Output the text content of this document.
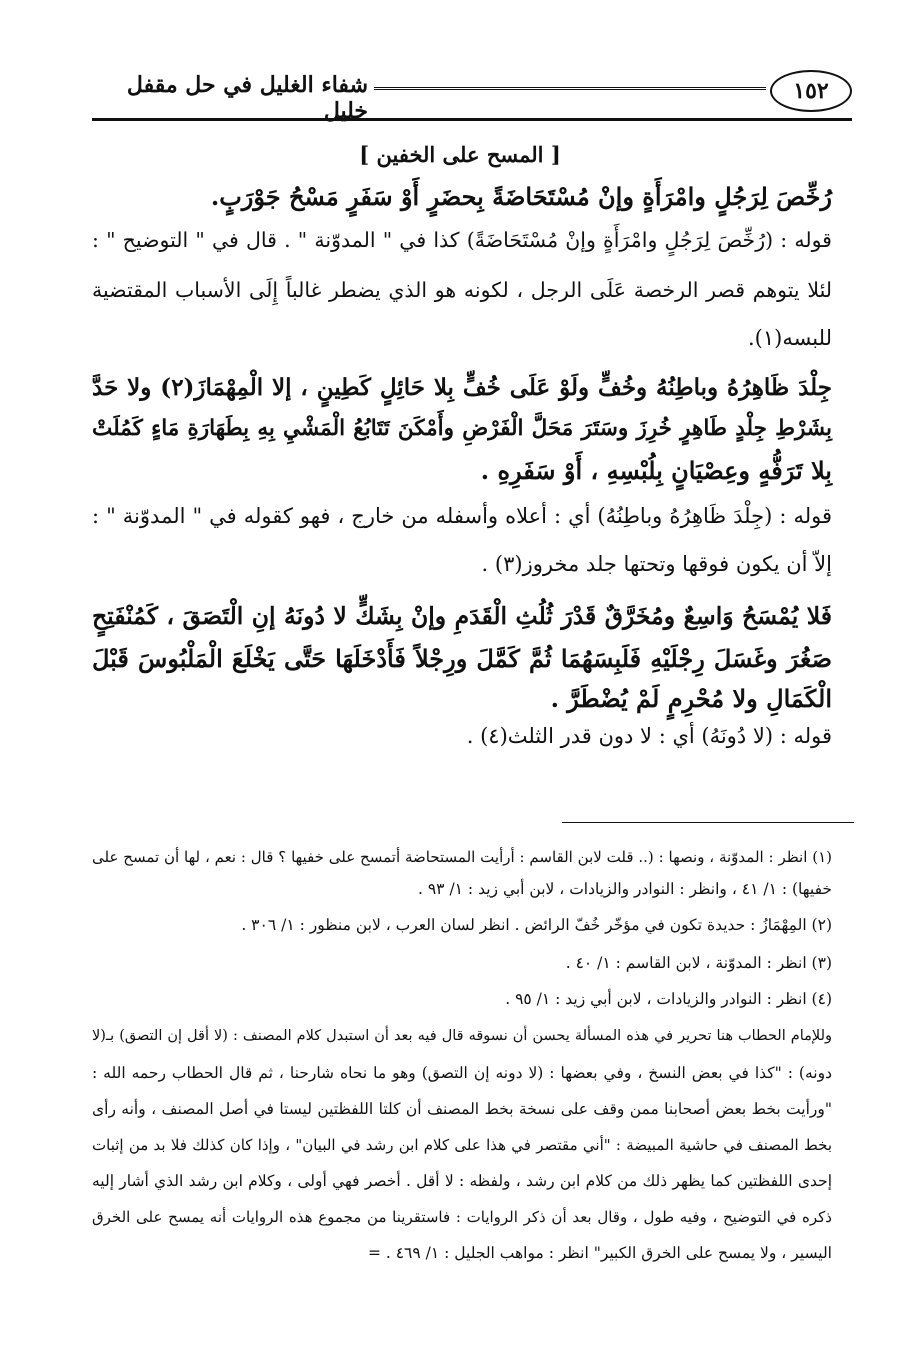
١٥٢
شفاء الغليل في حل مقفل خليل
[ المسح على الخفين ]
رُخِّصَ لِرَجُلٍ وامْرَأَةٍ وإنْ مُسْتَحَاضَةً بِحضَرٍ أَوْ سَفَرٍ مَسْحُ جَوْرَبٍ.
قوله : (رُخِّصَ لِرَجُلٍ وامْرَأَةٍ وإنْ مُسْتَحَاضَةً) كذا في " المدوّنة " . قال في " التوضيح " :
لئلا يتوهم قصر الرخصة عَلَى الرجل ، لكونه هو الذي يضطر غالباً إِلَى الأسباب المقتضية
للبسه(١).
جِلْدَ ظَاهِرُهُ وباطِنُهُ وخُفٍّ ولَوْ عَلَى خُفٍّ بِلا حَائِلٍ كَطِينٍ ، إلا الْمِهْمَازَ(٢) ولا حَدَّ
بِشَرْطِ جِلْدٍ طَاهِرٍ خُرِزَ وسَتَرَ مَحَلَّ الْفَرْضِ وأَمْكَنَ تَتَابُعُ الْمَشْيِ بِهِ بِطَهَارَةِ مَاءٍ كَمُلَتْ
بِلا تَرَفُّهٍ وعِصْيَانٍ بِلُبْسِهِ ، أَوْ سَفَرِهِ .
قوله : (جِلْدَ ظَاهِرُهُ وباطِنُهُ) أي : أعلاه وأسفله من خارج ، فهو كقوله في " المدوّنة " :
إلاّ أن يكون فوقها وتحتها جلد مخروز(٣) .
فَلا يُمْسَحُ وَاسِعٌ ومُخَرَّقٌ قَدْرَ ثُلُثِ الْقَدَمِ وإنْ بِشَكٍّ لا دُونَهُ إنِ الْتَصَقَ ، كَمُنْفَتِحٍ
صَغُرَ وغَسَلَ رِجْلَيْهِ فَلَبِسَهُمَا ثُمَّ كَمَّلَ ورِجْلاً فَأَدْخَلَهَا حَتَّى يَخْلَعَ الْمَلْبُوسَ قَبْلَ
الْكَمَالِ ولا مُحْرِمٍ لَمْ يُضْطَرَّ .
قوله : (لا دُونَهُ) أي : لا دون قدر الثلث(٤) .
(١) انظر : المدوّنة ، ونصها : (.. قلت لابن القاسم : أرأيت المستحاضة أتمسح على خفيها ؟ قال : نعم ، لها أن تمسح على
خفيها) : ١/ ٤١ ، وانظر : النوادر والزيادات ، لابن أبي زيد : ١/ ٩٣ .
(٢) المِهْمَازُ : حديدة تكون في مؤخّر خُفّ الرائض . انظر لسان العرب ، لابن منظور : ١/ ٣٠٦ .
(٣) انظر : المدوّنة ، لابن القاسم : ١/ ٤٠ .
(٤) انظر : النوادر والزيادات ، لابن أبي زيد : ١/ ٩٥ .
وللإمام الحطاب هنا تحرير في هذه المسألة يحسن أن نسوقه قال فيه بعد أن استبدل كلام المصنف : (لا أقل إن التصق) بـ(لا
دونه) : "كذا في بعض النسخ ، وفي بعضها : (لا دونه إن التصق) وهو ما نحاه شارحنا ، ثم قال الحطاب رحمه الله :
"ورأيت بخط بعض أصحابنا ممن وقف على نسخة بخط المصنف أن كلتا اللفظتين ليستا في أصل المصنف ، وأنه رأى
بخط المصنف في حاشية المبيضة : "أني مقتصر في هذا على كلام ابن رشد في البيان" ، وإذا كان كذلك فلا بد من إثبات
إحدى اللفظتين كما يظهر ذلك من كلام ابن رشد ، ولفظه : لا أقل . أخصر فهي أولى ، وكلام ابن رشد الذي أشار إليه
ذكره في التوضيح ، وفيه طول ، وقال بعد أن ذكر الروايات : فاستقرينا من مجموع هذه الروايات أنه يمسح على الخرق
اليسير ، ولا يمسح على الخرق الكبير" انظر : مواهب الجليل : ١/ ٤٦٩ . =
